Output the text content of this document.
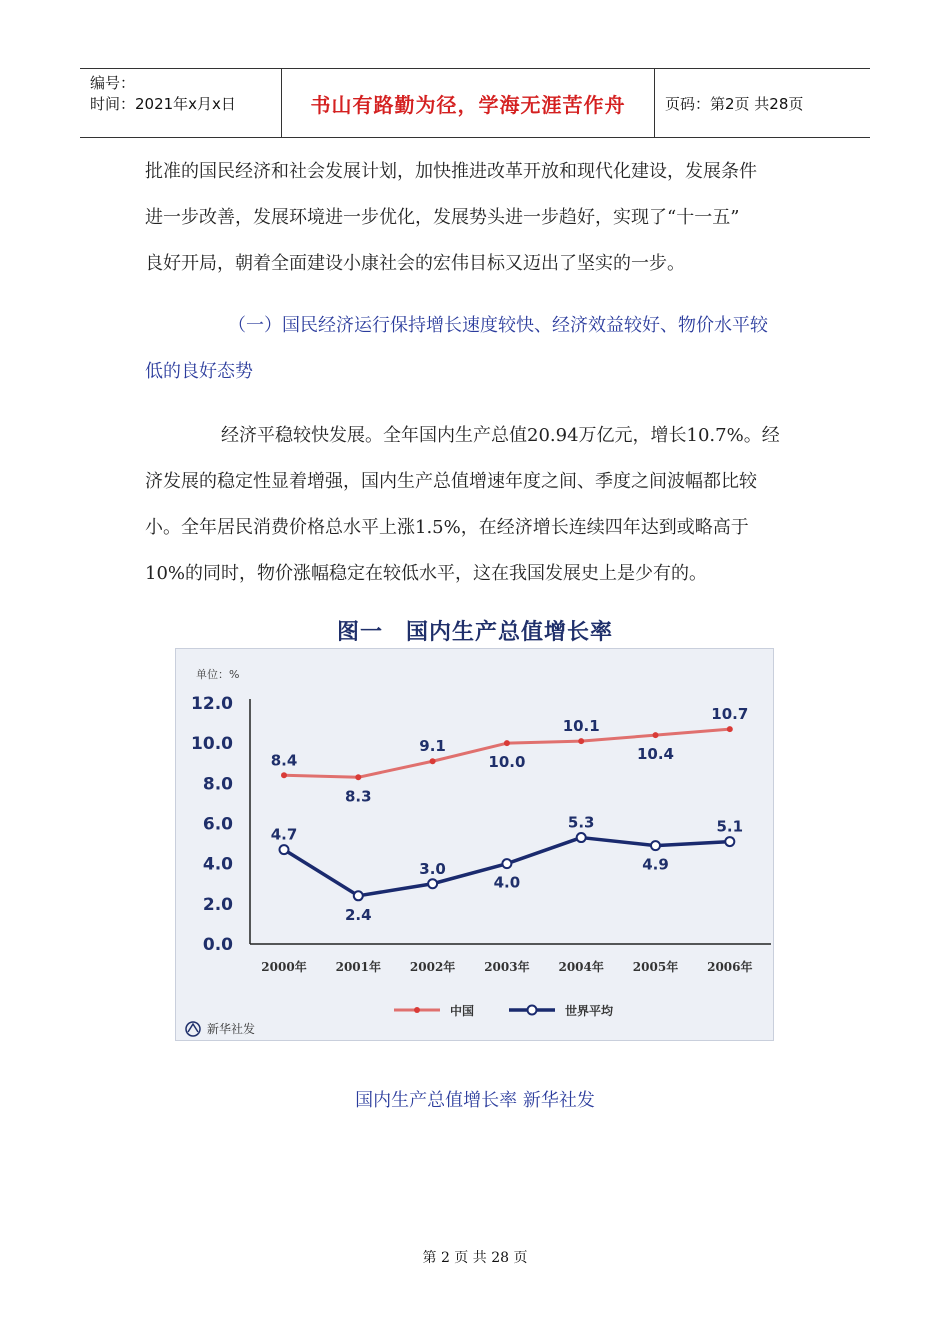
编号：
时间：2021年x月x日	书山有路勤为径，学海无涯苦作舟	页码：第2页 共28页

批准的国民经济和社会发展计划，加快推进改革开放和现代化建设，发展条件

进一步改善，发展环境进一步优化，发展势头进一步趋好，实现了“十一五”

良好开局，朝着全面建设小康社会的宏伟目标又迈出了坚实的一步。

（一）国民经济运行保持增长速度较快、经济效益较好、物价水平较

低的良好态势

经济平稳较快发展。全年国内生产总值20.94万亿元，增长10.7%。经

济发展的稳定性显着增强，国内生产总值增速年度之间、季度之间波幅都比较

小。全年居民消费价格总水平上涨1.5%，在经济增长连续四年达到或略高于

10%的同时，物价涨幅稳定在较低水平，这在我国发展史上是少有的。

图一　国内生产总值增长率
单位：%
12.0
10.0
8.0
6.0
4.0
2.0
0.0
2000年 2001年 2002年 2003年 2004年 2005年 2006年
8.4
8.3
9.1
10.0
10.1
10.4
10.7
4.7
2.4
3.0
4.0
5.3
4.9
5.1
中国	世界平均
新华社发
国内生产总值增长率 新华社发
第 2 页 共 28 页
